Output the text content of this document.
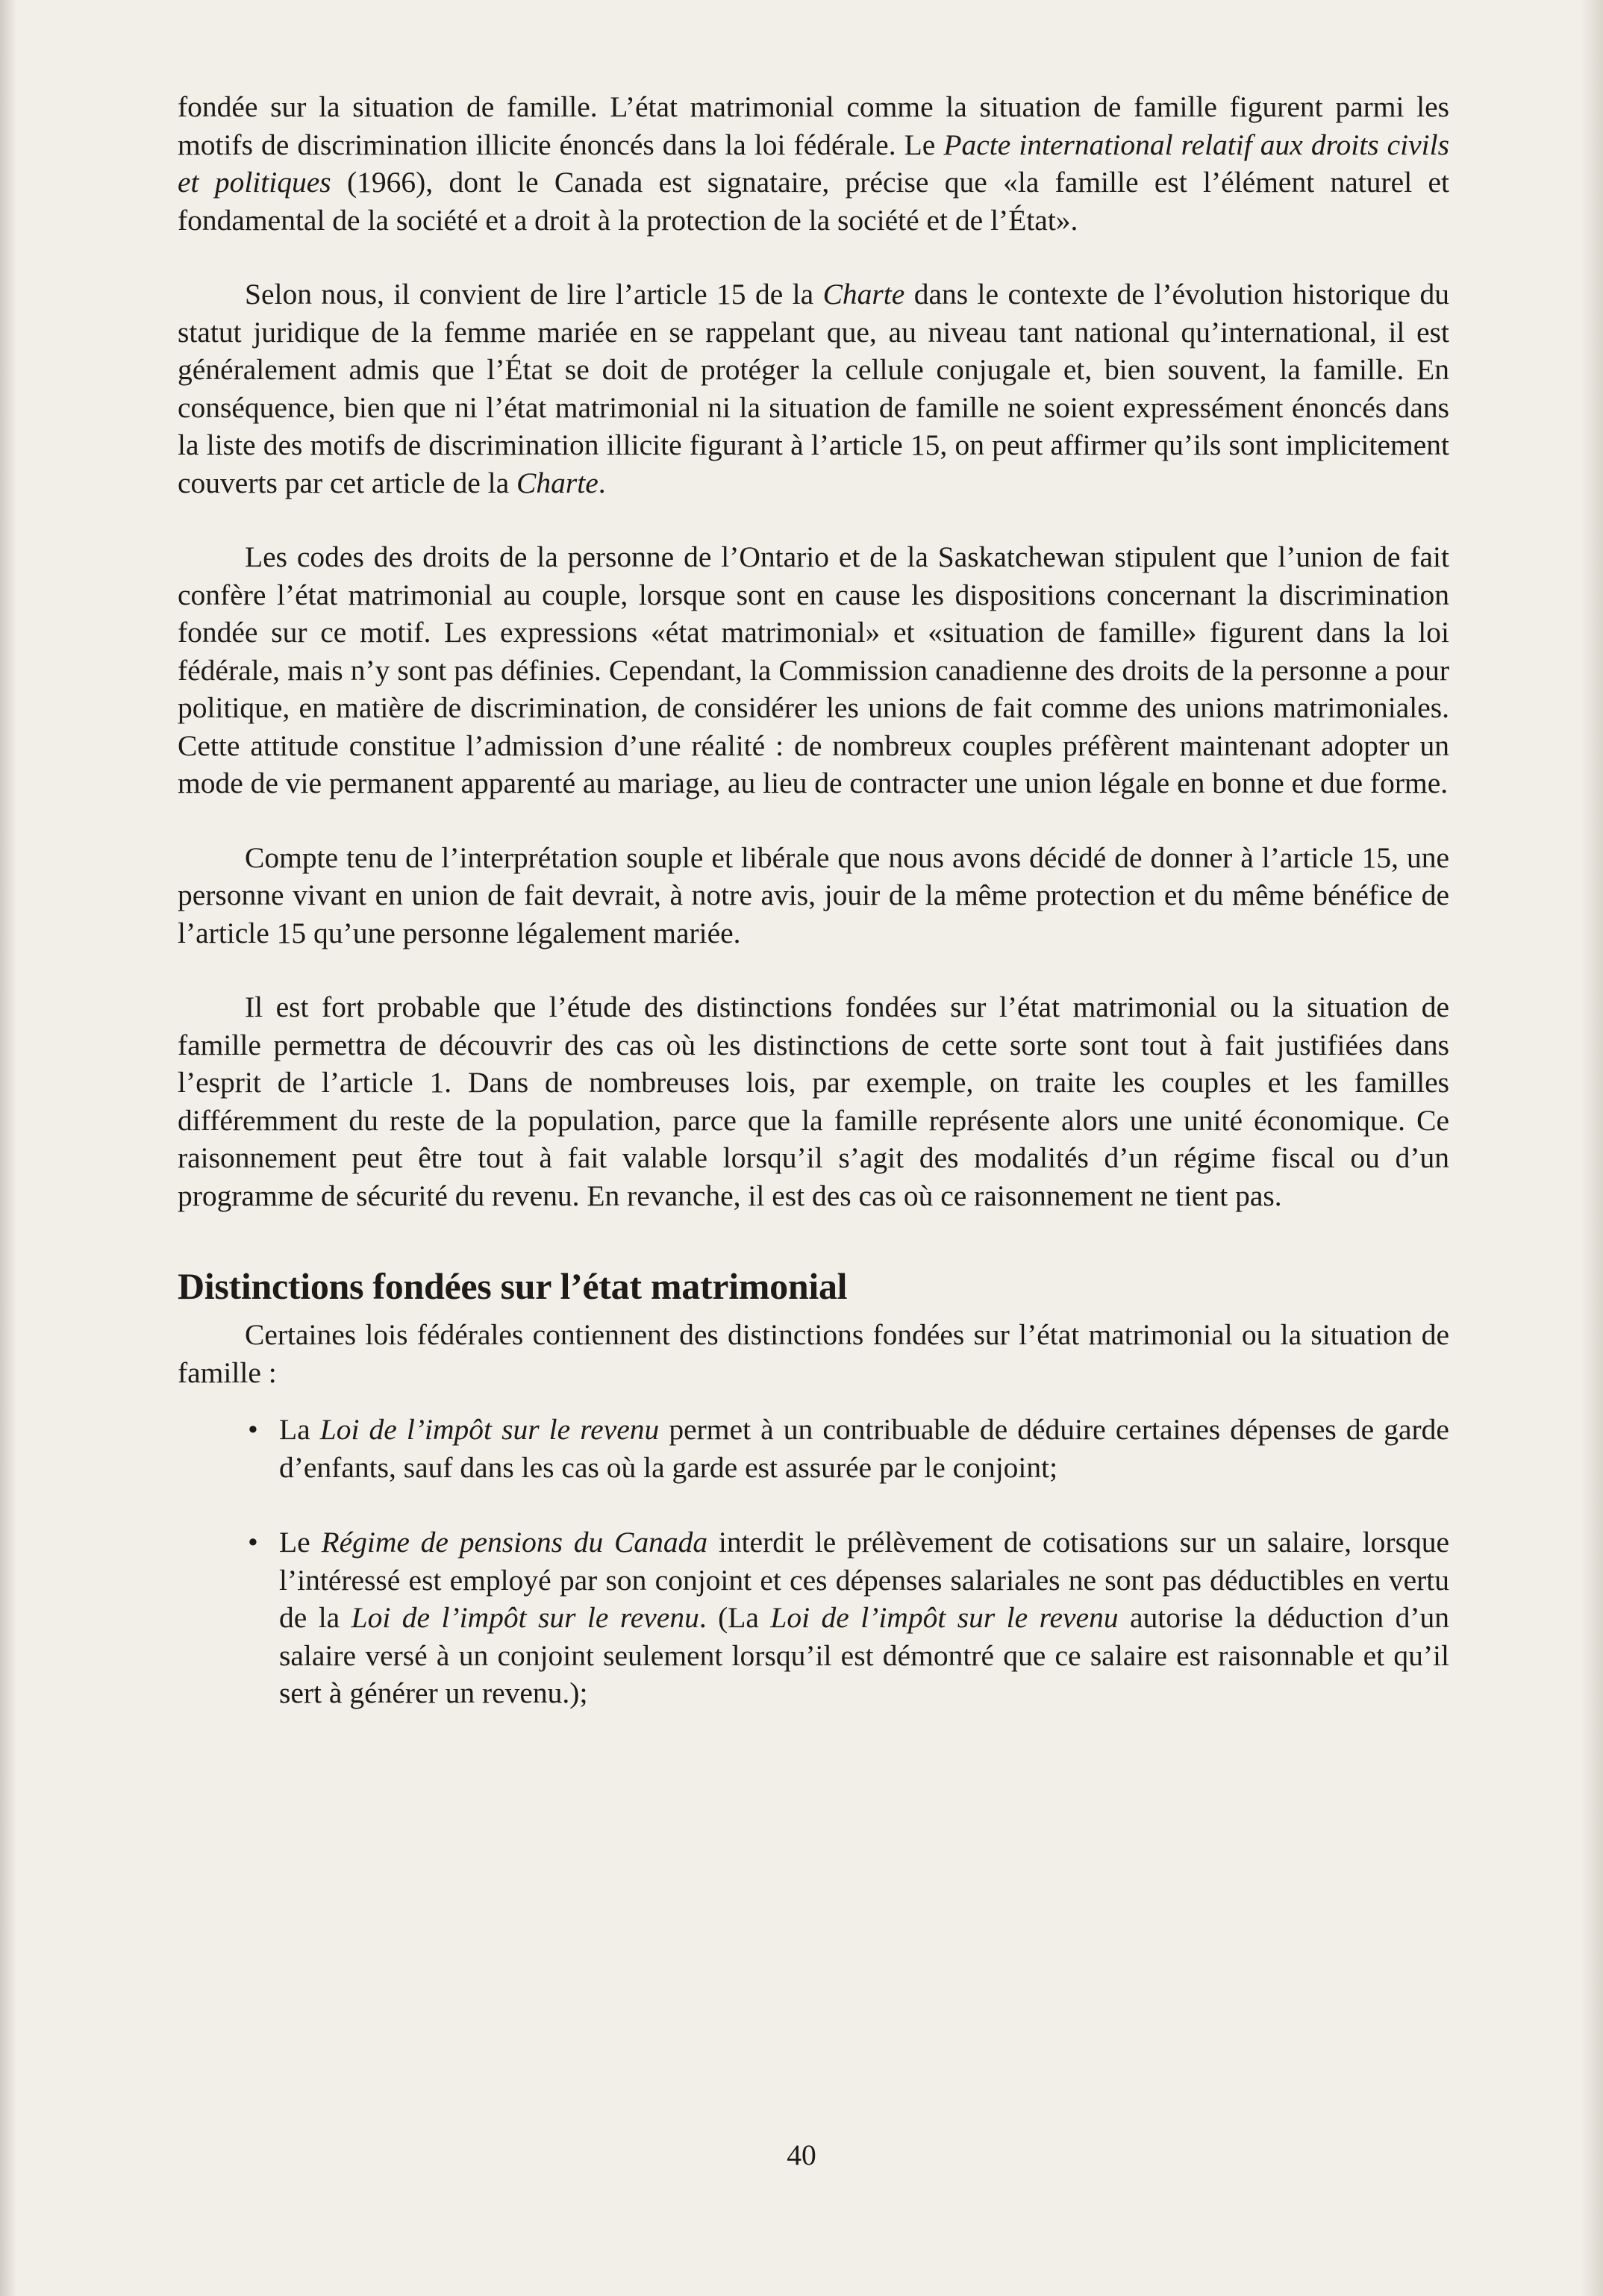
fondée sur la situation de famille. L’état matrimonial comme la situation de famille figurent parmi les motifs de discrimination illicite énoncés dans la loi fédérale. Le Pacte international relatif aux droits civils et politiques (1966), dont le Canada est signataire, précise que «la famille est l’élément naturel et fondamental de la société et a droit à la protection de la société et de l’État».

Selon nous, il convient de lire l’article 15 de la Charte dans le contexte de l’évolution historique du statut juridique de la femme mariée en se rappelant que, au niveau tant national qu’international, il est généralement admis que l’État se doit de protéger la cellule conjugale et, bien souvent, la famille. En conséquence, bien que ni l’état matrimonial ni la situation de famille ne soient expressément énoncés dans la liste des motifs de discrimination illicite figurant à l’article 15, on peut affirmer qu’ils sont implicitement couverts par cet article de la Charte.

Les codes des droits de la personne de l’Ontario et de la Saskatchewan stipulent que l’union de fait confère l’état matrimonial au couple, lorsque sont en cause les dispositions concernant la discrimination fondée sur ce motif. Les expressions «état matrimonial» et «situation de famille» figurent dans la loi fédérale, mais n’y sont pas définies. Cependant, la Commission canadienne des droits de la personne a pour politique, en matière de discrimination, de considérer les unions de fait comme des unions matrimoniales. Cette attitude constitue l’admission d’une réalité : de nombreux couples préfèrent maintenant adopter un mode de vie permanent apparenté au mariage, au lieu de contracter une union légale en bonne et due forme.

Compte tenu de l’interprétation souple et libérale que nous avons décidé de donner à l’article 15, une personne vivant en union de fait devrait, à notre avis, jouir de la même protection et du même bénéfice de l’article 15 qu’une personne légalement mariée.

Il est fort probable que l’étude des distinctions fondées sur l’état matrimonial ou la situation de famille permettra de découvrir des cas où les distinctions de cette sorte sont tout à fait justifiées dans l’esprit de l’article 1. Dans de nombreuses lois, par exemple, on traite les couples et les familles différemment du reste de la population, parce que la famille représente alors une unité économique. Ce raisonnement peut être tout à fait valable lorsqu’il s’agit des modalités d’un régime fiscal ou d’un programme de sécurité du revenu. En revanche, il est des cas où ce raisonnement ne tient pas.

Distinctions fondées sur l’état matrimonial

Certaines lois fédérales contiennent des distinctions fondées sur l’état matrimonial ou la situation de famille :

• La Loi de l’impôt sur le revenu permet à un contribuable de déduire certaines dépenses de garde d’enfants, sauf dans les cas où la garde est assurée par le conjoint;

• Le Régime de pensions du Canada interdit le prélèvement de cotisations sur un salaire, lorsque l’intéressé est employé par son conjoint et ces dépenses salariales ne sont pas déductibles en vertu de la Loi de l’impôt sur le revenu. (La Loi de l’impôt sur le revenu autorise la déduction d’un salaire versé à un conjoint seulement lorsqu’il est démontré que ce salaire est raisonnable et qu’il sert à générer un revenu.);

40
